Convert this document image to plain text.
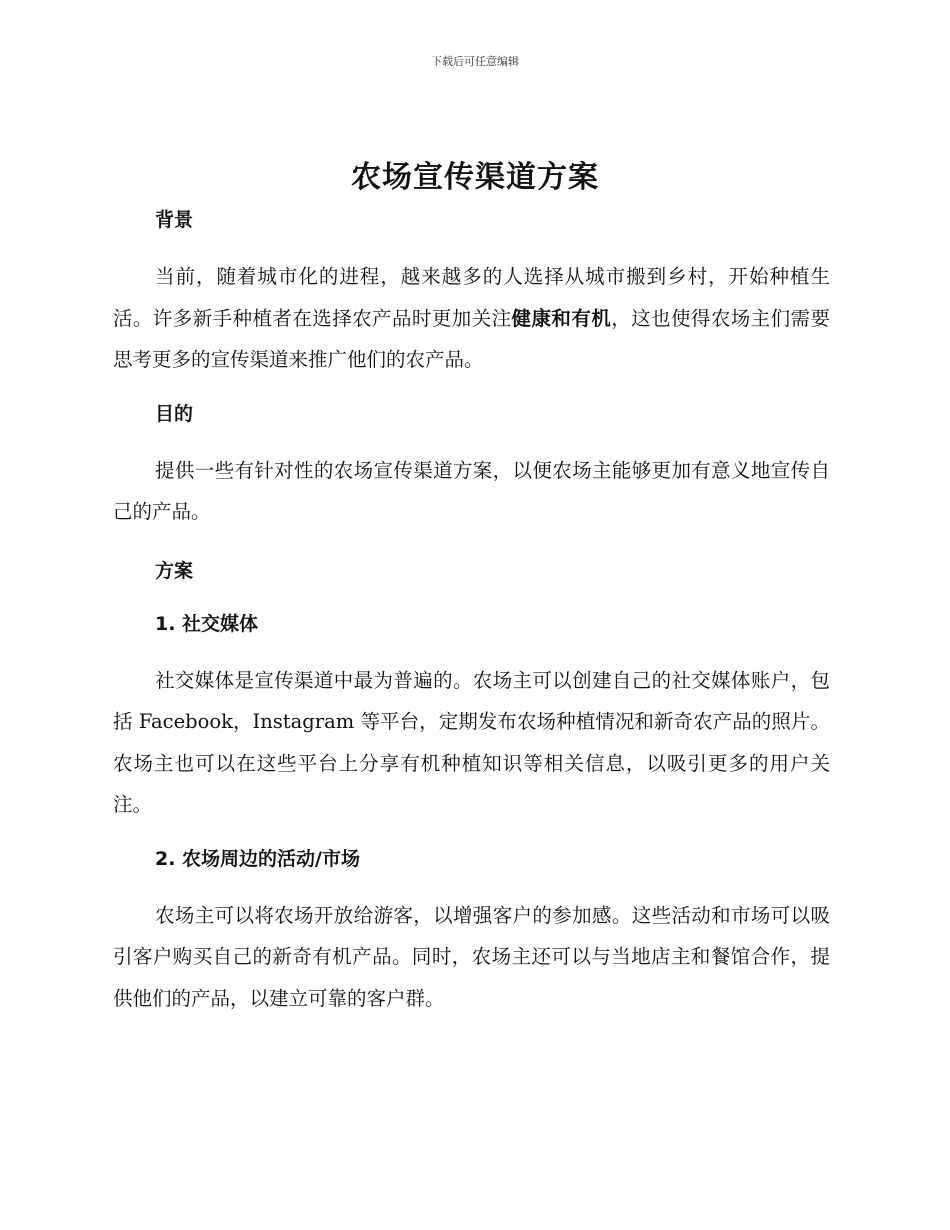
下载后可任意编辑
农场宣传渠道方案

背景

当前，随着城市化的进程，越来越多的人选择从城市搬到乡村，开始种植生活。许多新手种植者在选择农产品时更加关注健康和有机，这也使得农场主们需要思考更多的宣传渠道来推广他们的农产品。

目的

提供一些有针对性的农场宣传渠道方案，以便农场主能够更加有意义地宣传自己的产品。

方案

1. 社交媒体

社交媒体是宣传渠道中最为普遍的。农场主可以创建自己的社交媒体账户，包括 Facebook，Instagram 等平台，定期发布农场种植情况和新奇农产品的照片。农场主也可以在这些平台上分享有机种植知识等相关信息，以吸引更多的用户关注。

2. 农场周边的活动/市场

农场主可以将农场开放给游客，以增强客户的参加感。这些活动和市场可以吸引客户购买自己的新奇有机产品。同时，农场主还可以与当地店主和餐馆合作，提供他们的产品，以建立可靠的客户群。
